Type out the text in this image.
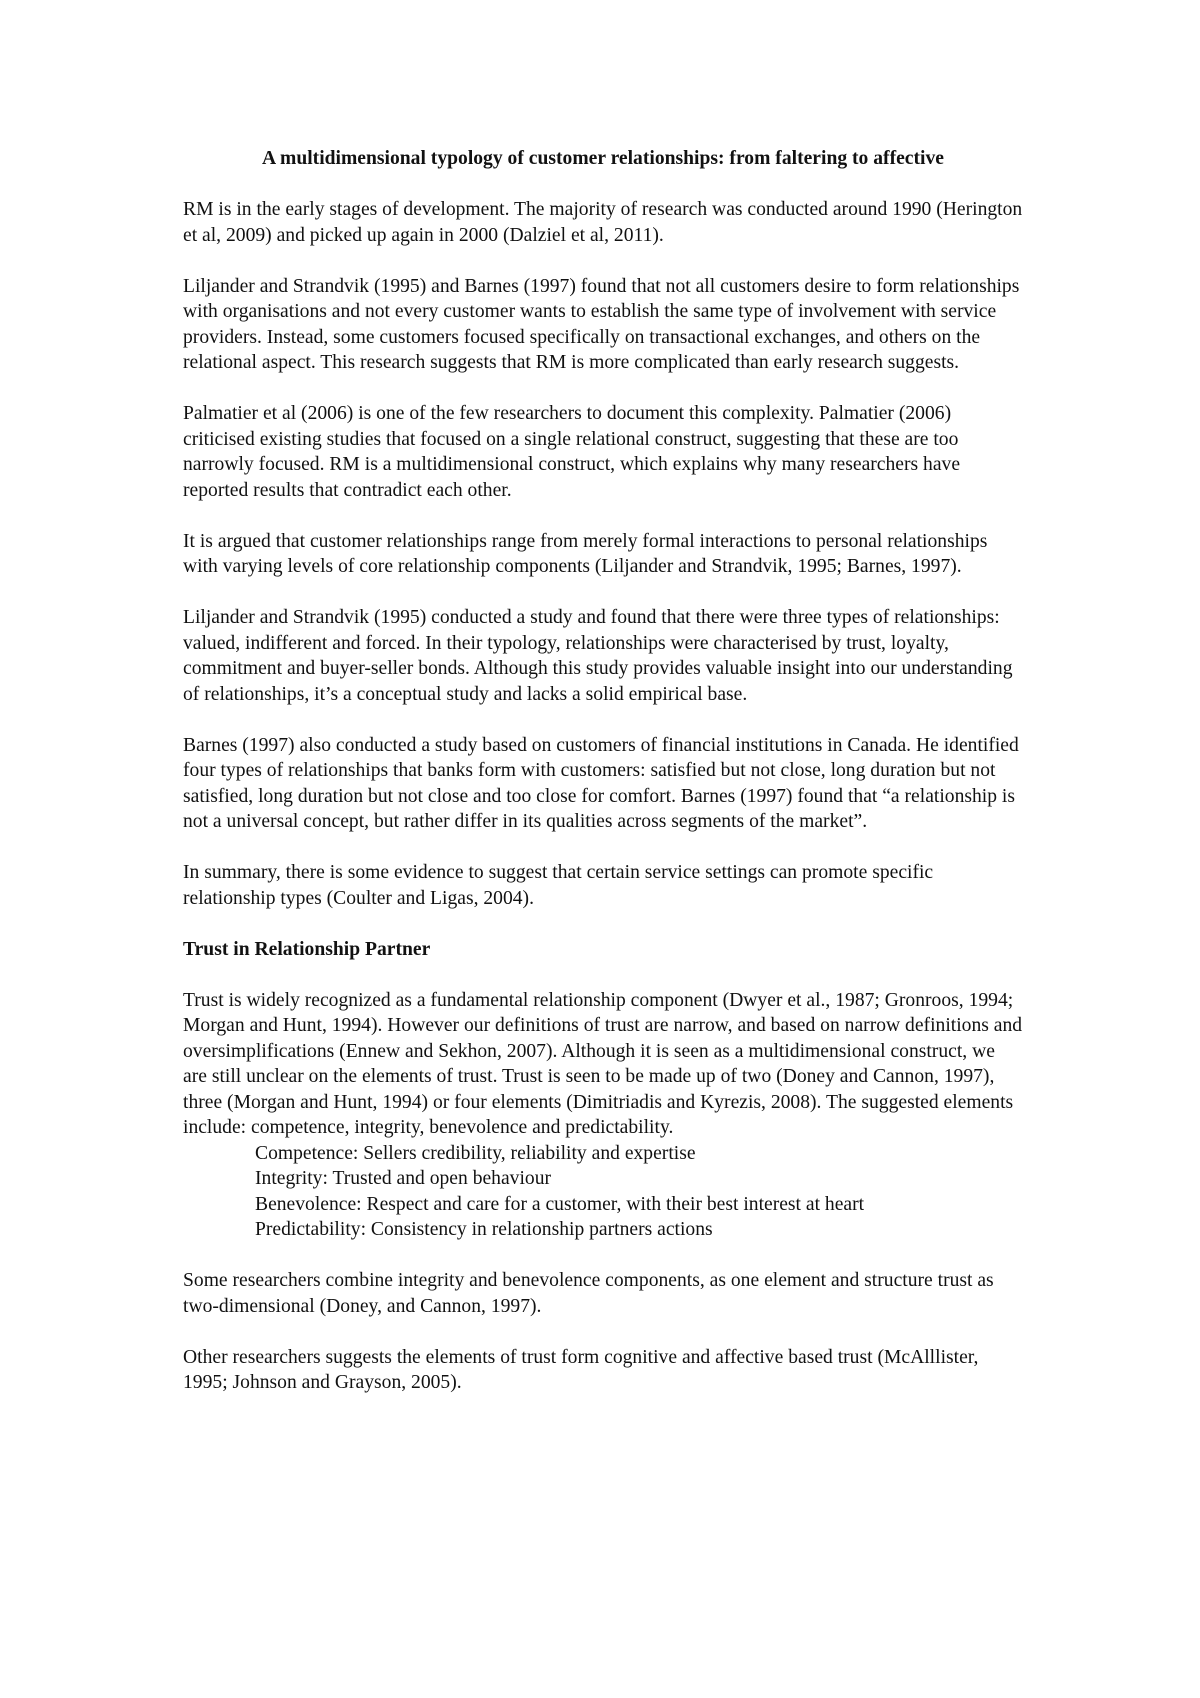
A multidimensional typology of customer relationships: from faltering to affective

RM is in the early stages of development. The majority of research was conducted around 1990 (Herington et al, 2009) and picked up again in 2000 (Dalziel et al, 2011).

Liljander and Strandvik (1995) and Barnes (1997) found that not all customers desire to form relationships with organisations and not every customer wants to establish the same type of involvement with service providers. Instead, some customers focused specifically on transactional exchanges, and others on the relational aspect. This research suggests that RM is more complicated than early research suggests.

Palmatier et al (2006) is one of the few researchers to document this complexity. Palmatier (2006) criticised existing studies that focused on a single relational construct, suggesting that these are too narrowly focused. RM is a multidimensional construct, which explains why many researchers have reported results that contradict each other.

It is argued that customer relationships range from merely formal interactions to personal relationships with varying levels of core relationship components (Liljander and Strandvik, 1995; Barnes, 1997).

Liljander and Strandvik (1995) conducted a study and found that there were three types of relationships: valued, indifferent and forced. In their typology, relationships were characterised by trust, loyalty, commitment and buyer-seller bonds. Although this study provides valuable insight into our understanding of relationships, it’s a conceptual study and lacks a solid empirical base.

Barnes (1997) also conducted a study based on customers of financial institutions in Canada. He identified four types of relationships that banks form with customers: satisfied but not close, long duration but not satisfied, long duration but not close and too close for comfort. Barnes (1997) found that “a relationship is not a universal concept, but rather differ in its qualities across segments of the market”.

In summary, there is some evidence to suggest that certain service settings can promote specific relationship types (Coulter and Ligas, 2004).

Trust in Relationship Partner

Trust is widely recognized as a fundamental relationship component (Dwyer et al., 1987; Gronroos, 1994; Morgan and Hunt, 1994). However our definitions of trust are narrow, and based on narrow definitions and oversimplifications (Ennew and Sekhon, 2007). Although it is seen as a multidimensional construct, we are still unclear on the elements of trust. Trust is seen to be made up of two (Doney and Cannon, 1997), three (Morgan and Hunt, 1994) or four elements (Dimitriadis and Kyrezis, 2008). The suggested elements include: competence, integrity, benevolence and predictability.

Competence: Sellers credibility, reliability and expertise
Integrity: Trusted and open behaviour
Benevolence: Respect and care for a customer, with their best interest at heart
Predictability: Consistency in relationship partners actions

Some researchers combine integrity and benevolence components, as one element and structure trust as two-dimensional (Doney, and Cannon, 1997).

Other researchers suggests the elements of trust form cognitive and affective based trust (McAlllister, 1995; Johnson and Grayson, 2005).
